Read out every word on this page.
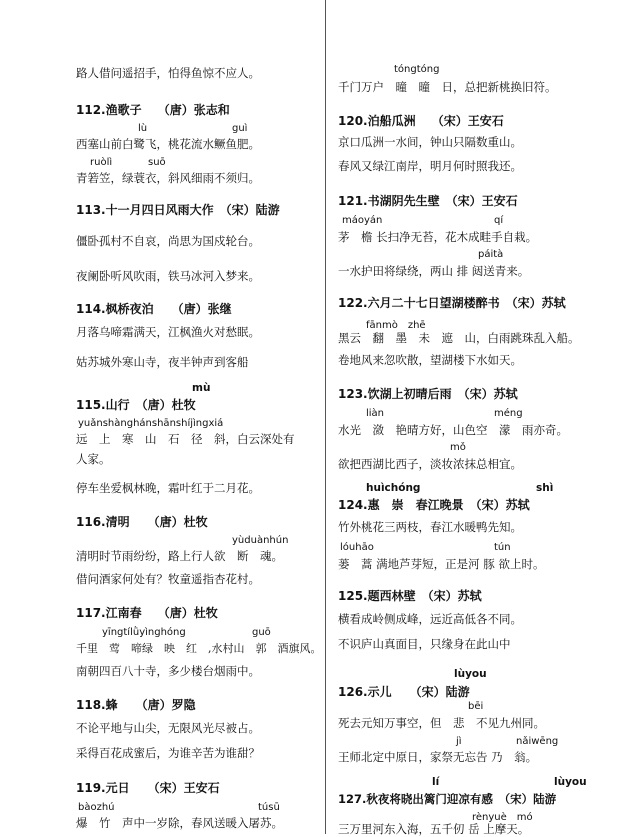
路人借问遥招手，怕得鱼惊不应人。
112.渔歌子　 （唐）张志和
lù	guì
西塞山前白鹭飞，桃花流水鳜鱼肥。
ruòlì	suō
青箬笠，绿蓑衣，斜风细雨不须归。
113.十一月四日风雨大作　（宋）陆游
僵卧孤村不自哀，尚思为国戍轮台。
夜阑卧听风吹雨，铁马冰河入梦来。
114.枫桥夜泊　　（唐）张继
月落乌啼霜满天，江枫渔火对愁眠。
姑苏城外寒山寺，夜半钟声到客船
mù
115.山行　（唐）杜牧
yuǎnshànghánshānshíjìngxiá
远　上　寒　山　石　径　斜，白云深处有
人家。
停车坐爱枫林晚，霜叶红于二月花。
116.清明　　（唐）杜牧
yùduànhún
清明时节雨纷纷，路上行人欲　断　魂。
借问酒家何处有？牧童遥指杏花村。
117.江南春　 （唐）杜牧
yīngtílǜyìnghóng	guō
千里　莺　啼绿　映　红　,水村山　郭　酒旗风。
南朝四百八十寺，多少楼台烟雨中。
118.蜂　　（唐）罗隐
不论平地与山尖，无限风光尽被占。
采得百花成蜜后，为谁辛苦为谁甜？
119.元日　　（宋）王安石
bàozhú	túsū
爆　竹　声中一岁除，春风送暖入屠苏。
tóngtóng
千门万户　曈　曈　日，总把新桃换旧符。
120.泊船瓜洲　 （宋）王安石
京口瓜洲一水间，钟山只隔数重山。
春风又绿江南岸，明月何时照我还。
121.书湖阴先生壁　（宋）王安石
máoyán	qí
茅　檐 长扫净无苔，花木成畦手自栽。
páità
一水护田将绿绕，两山 排 闼送青来。
122.六月二十七日望湖楼醉书　（宋）苏轼
fānmò　zhē
黑云　翻　墨　未　遮　山，白雨跳珠乱入船。
卷地风来忽吹散，望湖楼下水如天。
123.饮湖上初晴后雨　（宋）苏轼
liàn	méng
水光　潋　艳晴方好，山色空　濛　雨亦奇。
mǒ
欲把西湖比西子，淡妆浓抹总相宜。
huìchóng	shì
124.惠　崇　春江晚景　（宋）苏轼
竹外桃花三两枝，春江水暖鸭先知。
lóuhāo	tún
蒌　蒿 满地芦芽短，正是河 豚 欲上时。
125.题西林壁　（宋）苏轼
横看成岭侧成峰，远近高低各不同。
不识庐山真面目，只缘身在此山中
lùyou
126.示儿　　（宋）陆游
bēi
死去元知万事空，但　悲　不见九州同。
jì	nǎiwēng
王师北定中原日，家祭无忘告 乃　翁。
lí	lùyou
127.秋夜将晓出篱门迎凉有感　（宋）陆游
rènyuè　mó
三万里河东入海，五千仞 岳 上摩天。
